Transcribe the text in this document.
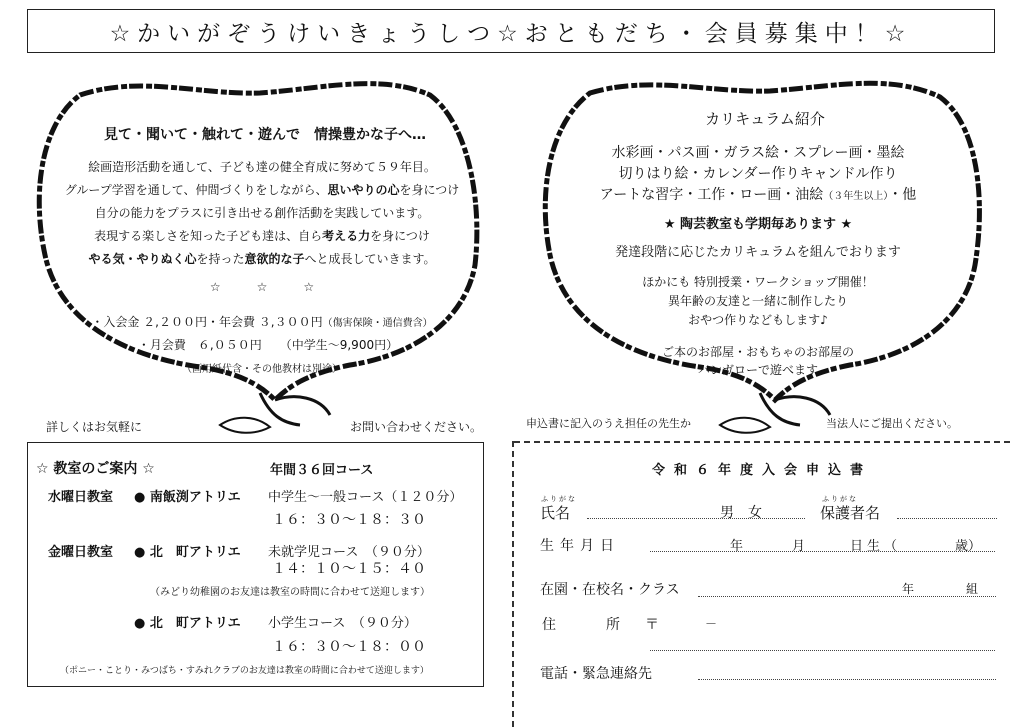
☆かいがぞうけいきょうしつ☆おともだち・会員募集中！☆
見て・聞いて・触れて・遊んで　情操豊かな子へ…
絵画造形活動を通して、子ども達の健全育成に努めて５９年目。
グループ学習を通して、仲間づくりをしながら、思いやりの心を身につけ
自分の能力をプラスに引き出せる創作活動を実践しています。
表現する楽しさを知った子ども達は、自ら考える力を身につけ
やる気・やりぬく心を持った意欲的な子へと成長していきます。
☆　　　☆　　　☆
・入会金 ２,２００円・年会費 ３,３００円（傷害保険・通信費含）
・月会費　６,０５０円　　（中学生～9,900円）
（画用紙代含・その他教材は別途）
カリキュラム紹介
水彩画・パス画・ガラス絵・スプレー画・墨絵
切りはり絵・カレンダー作りキャンドル作り
アートな習字・工作・ロー画・油絵（３年生以上）・他
★ 陶芸教室も学期毎あります ★
発達段階に応じたカリキュラムを組んでおります
ほかにも 特別授業・ワークショップ開催！
異年齢の友達と一緒に制作したり
おやつ作りなどもします♪
ご本のお部屋・おもちゃのお部屋の
バンガローで遊べます
詳しくはお気軽に	お問い合わせください。	申込書に記入のうえ担任の先生か	当法人にご提出ください。
☆ 教室のご案内 ☆	年間３６回コース
水曜日教室 ● 南飯渕アトリエ 中学生～一般コース（１２０分）
１６：３０～１８：３０
金曜日教室 ● 北　町アトリエ 未就学児コース　（９０分）
１４：１０～１５：４０
（みどり幼稚園のお友達は教室の時間に合わせて送迎します）
● 北　町アトリエ 小学生コース　（９０分）
１６：３０～１８：００
（ポニー・ことり・みつばち・すみれクラブのお友達は教室の時間に合わせて送迎します）
令和６年度入会申込書
ふりがな
氏名	男　女
ふりがな
保護者名
生年月日	年	月	日生（	歳）
在園・在校名・クラス	年	組
住	所 〒	－
電話・緊急連絡先
